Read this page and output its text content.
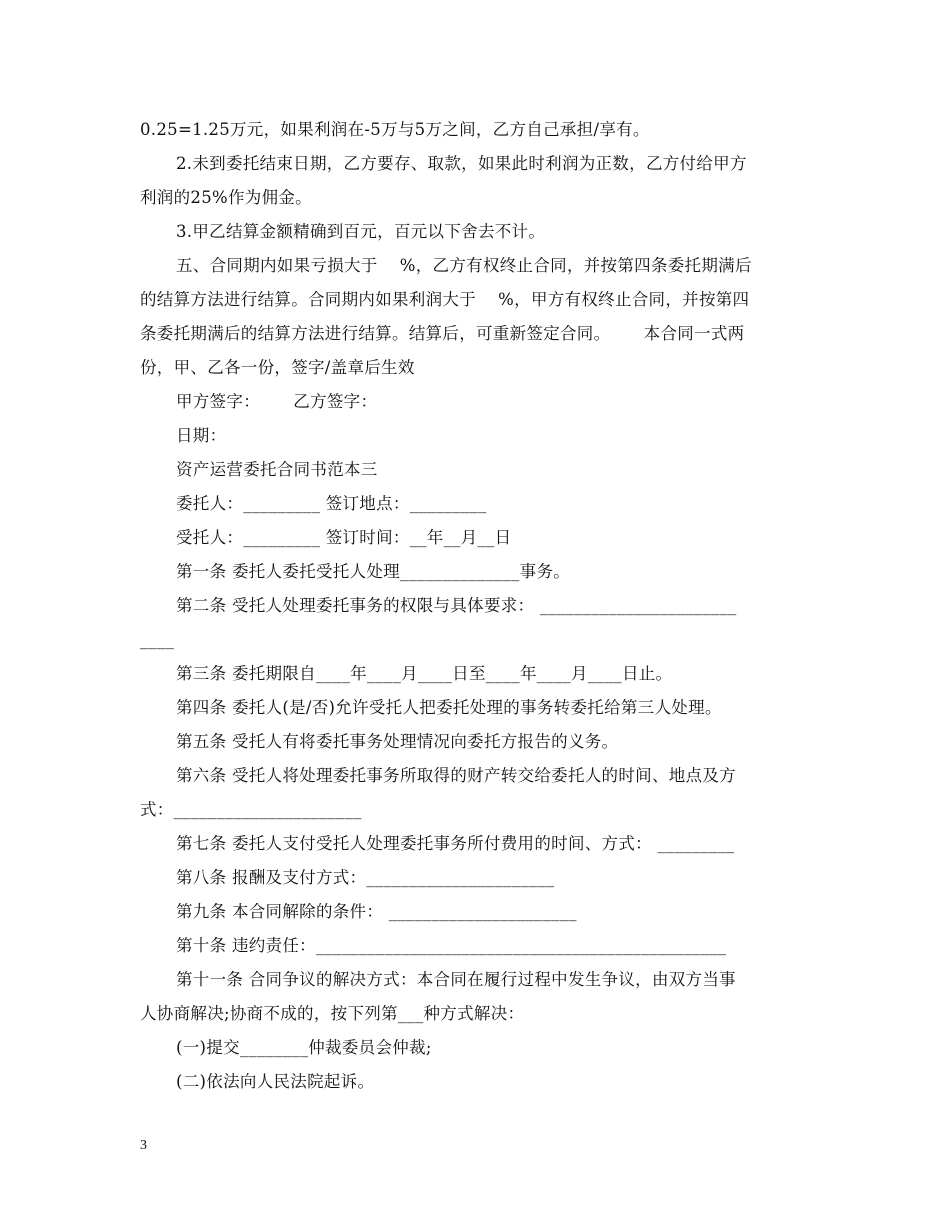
0.25=1.25万元，如果利润在-5万与5万之间，乙方自己承担/享有。
2.未到委托结束日期，乙方要存、取款，如果此时利润为正数，乙方付给甲方
利润的25%作为佣金。
3.甲乙结算金额精确到百元，百元以下舍去不计。
五、合同期内如果亏损大于    %，乙方有权终止合同，并按第四条委托期满后
的结算方法进行结算。合同期内如果利润大于    %，甲方有权终止合同，并按第四
条委托期满后的结算方法进行结算。结算后，可重新签定合同。      本合同一式两
份，甲、乙各一份，签字/盖章后生效
甲方签字：      乙方签字：
日期：
资产运营委托合同书范本三
委托人：_________ 签订地点：_________
受托人：_________ 签订时间：__年__月__日
第一条 委托人委托受托人处理______________事务。
第二条 受托人处理委托事务的权限与具体要求： _______________________
____
第三条 委托期限自____年____月____日至____年____月____日止。
第四条 委托人(是/否)允许受托人把委托处理的事务转委托给第三人处理。
第五条 受托人有将委托事务处理情况向委托方报告的义务。
第六条 受托人将处理委托事务所取得的财产转交给委托人的时间、地点及方
式：______________________
第七条 委托人支付受托人处理委托事务所付费用的时间、方式： _________
第八条 报酬及支付方式：______________________
第九条 本合同解除的条件： ______________________
第十条 违约责任：________________________________________________
第十一条 合同争议的解决方式：本合同在履行过程中发生争议，由双方当事
人协商解决;协商不成的，按下列第___种方式解决：
(一)提交________仲裁委员会仲裁;
(二)依法向人民法院起诉。
3
